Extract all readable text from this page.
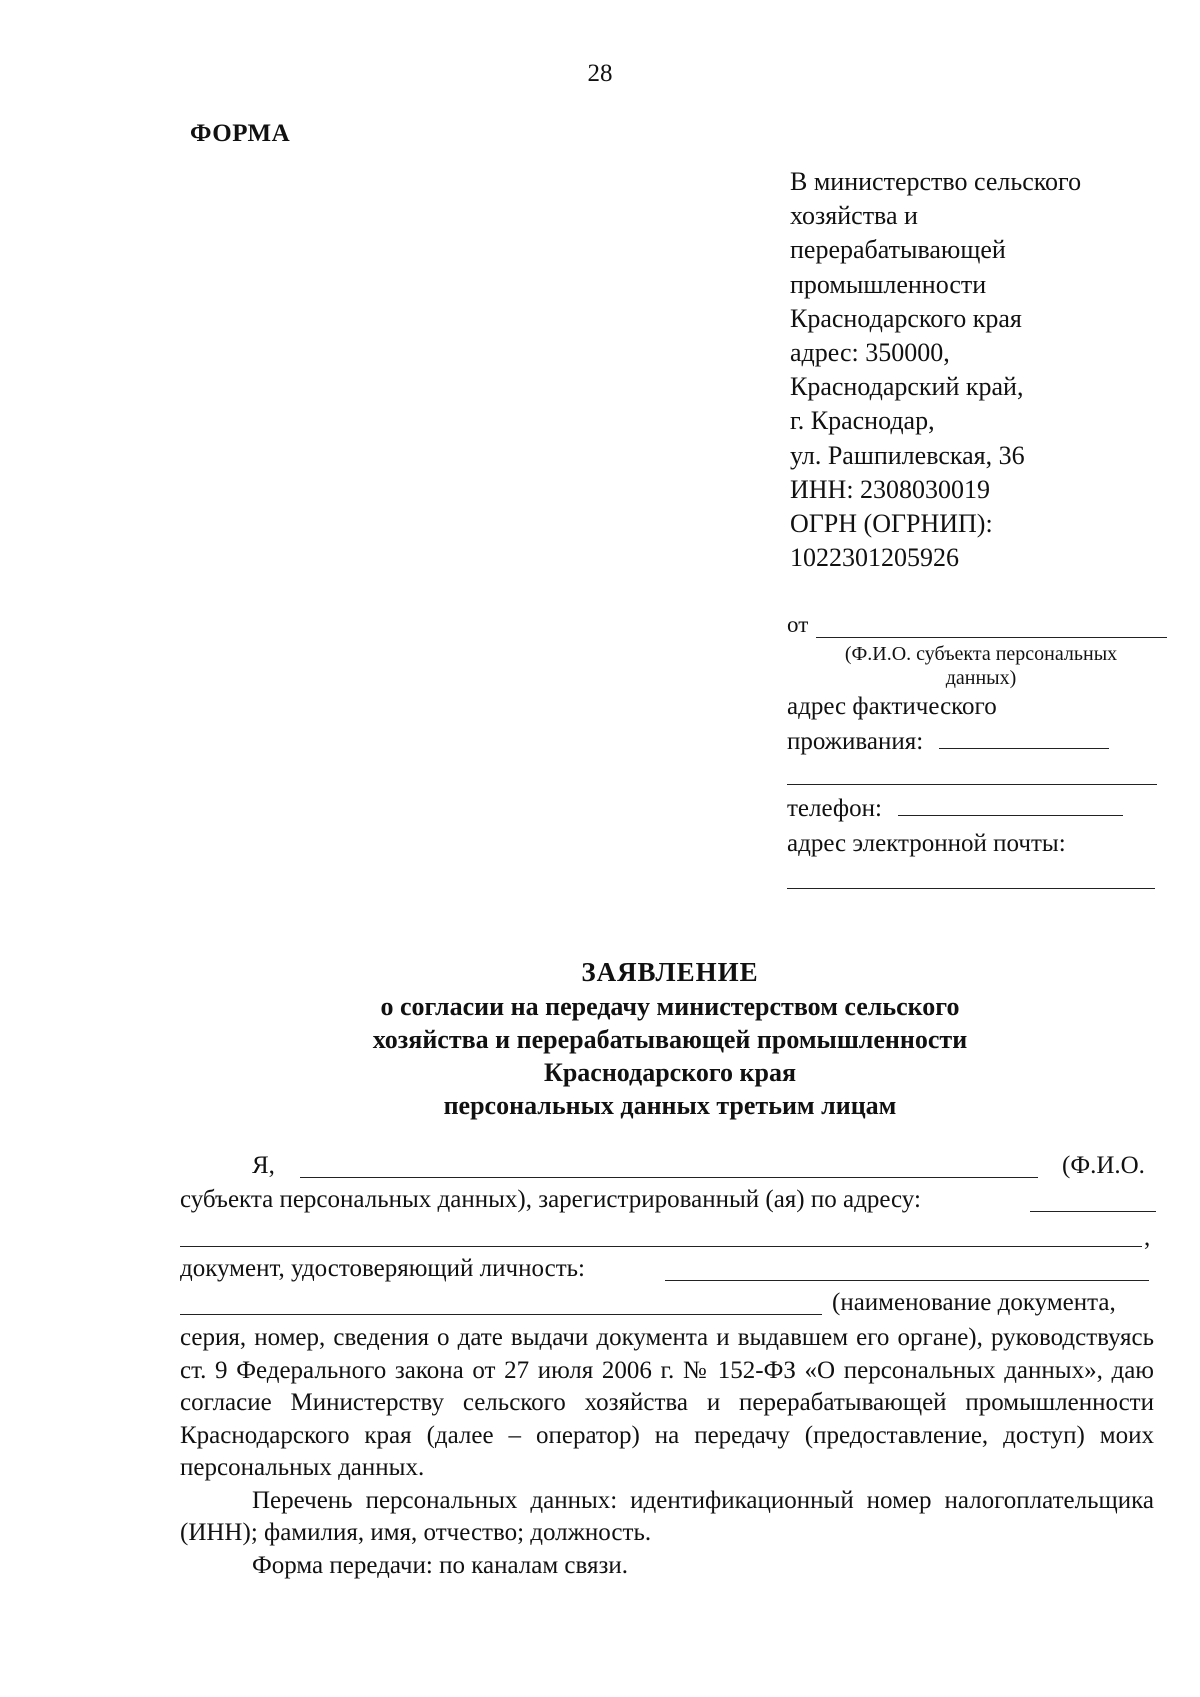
28
ФОРМА
В министерство сельского
хозяйства и
перерабатывающей
промышленности
Краснодарского края
адрес: 350000,
Краснодарский край,
г. Краснодар,
ул. Рашпилевская, 36
ИНН: 2308030019
ОГРН (ОГРНИП):
1022301205926
от
(Ф.И.О. субъекта персональных
данных)
адрес фактического
проживания:
телефон:
адрес электронной почты:
ЗАЯВЛЕНИЕ
о согласии на передачу министерством сельского
хозяйства и перерабатывающей промышленности
Краснодарского края
персональных данных третьим лицам
Я,	(Ф.И.О.
субъекта персональных данных), зарегистрированный (ая) по адресу:
,
документ, удостоверяющий личность:
(наименование документа,

серия, номер, сведения о дате выдачи документа и выдавшем его органе), руководствуясь ст. 9 Федерального закона от 27 июля 2006 г. № 152-ФЗ «О персональных данных», даю согласие Министерству сельского хозяйства и перерабатывающей промышленности Краснодарского края (далее – оператор) на передачу (предоставление, доступ) моих персональных данных.

Перечень персональных данных: идентификационный номер налогоплательщика (ИНН); фамилия, имя, отчество; должность.

Форма передачи: по каналам связи.
